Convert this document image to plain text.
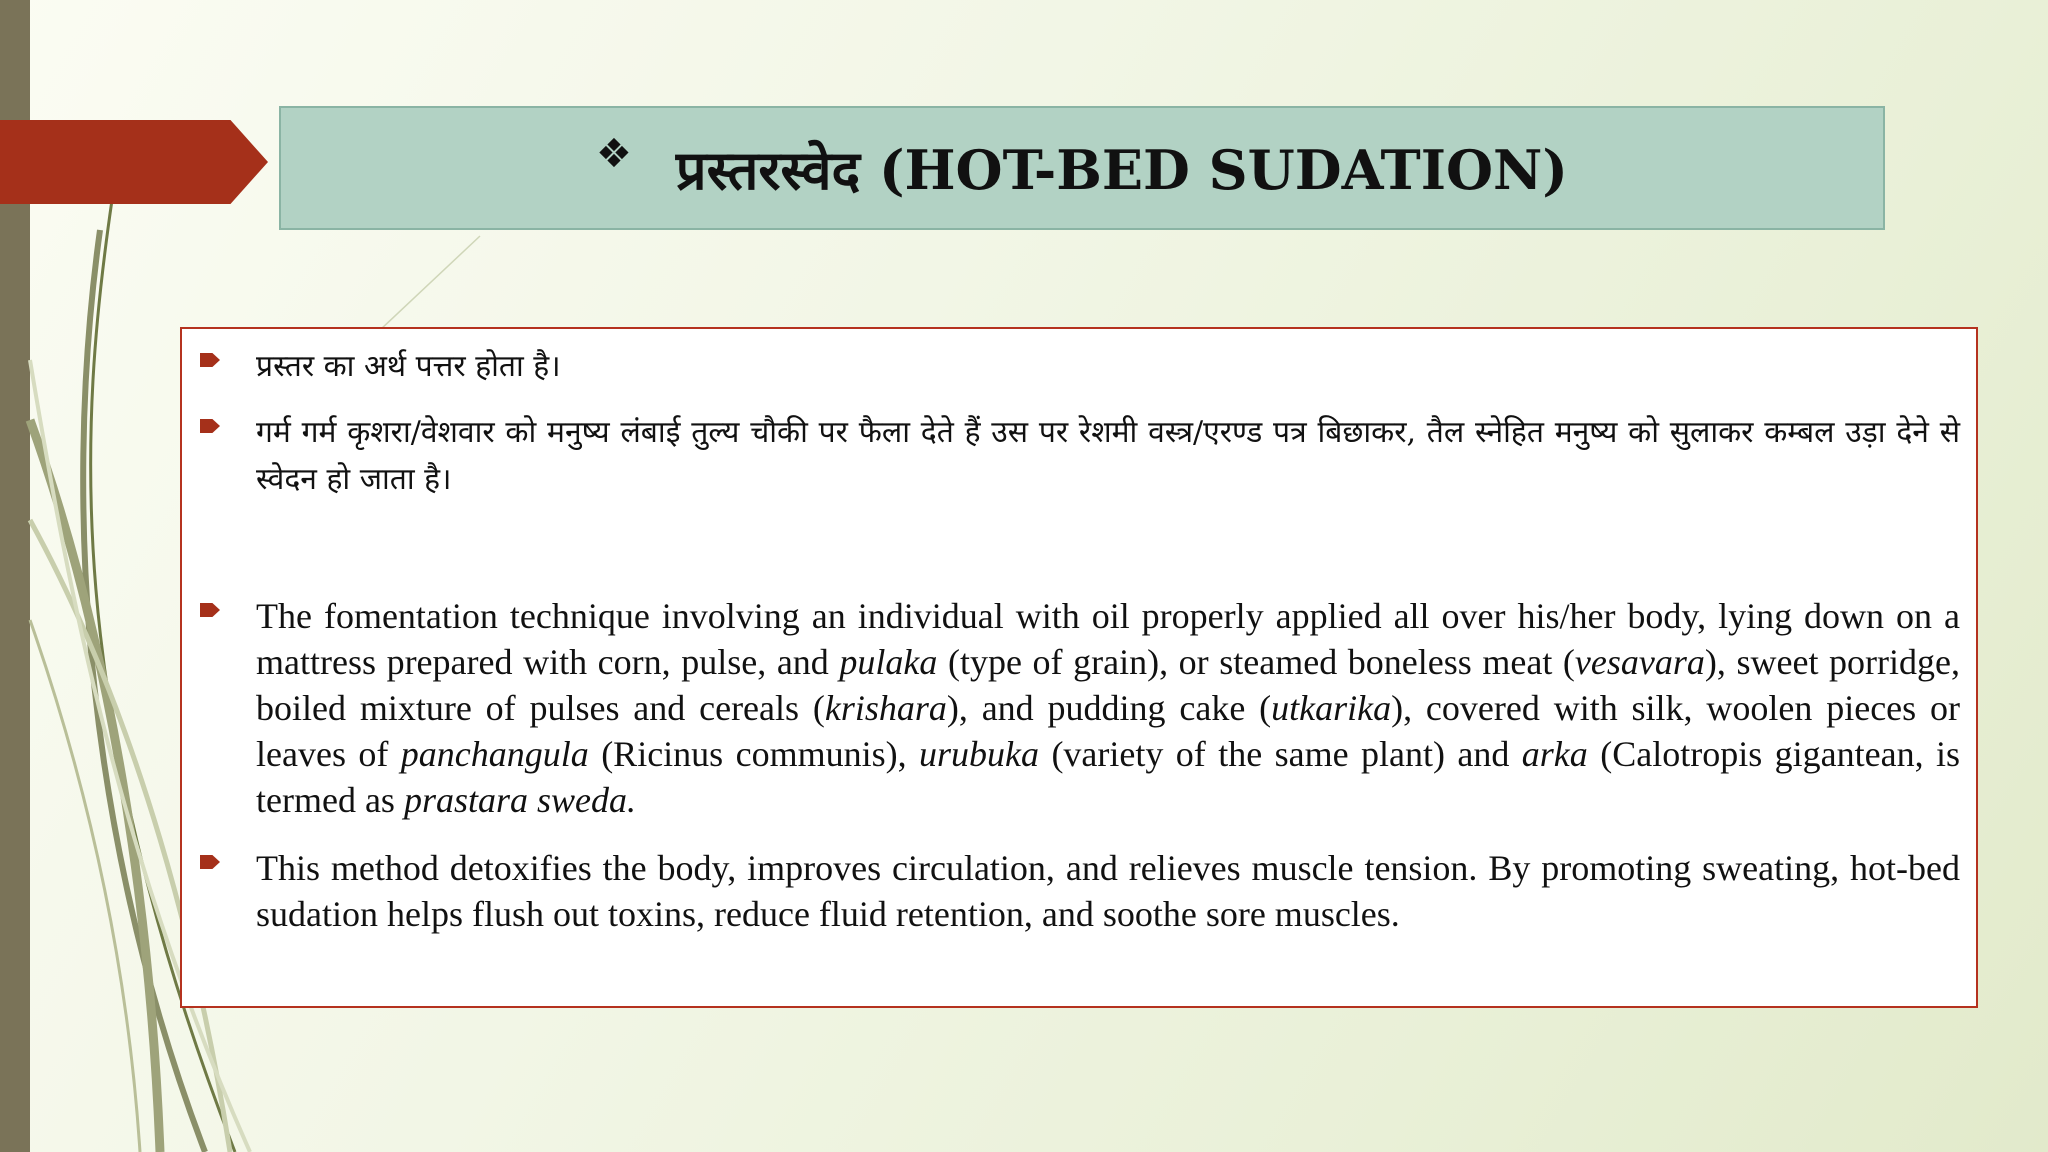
❖ प्रस्तरस्वेद (HOT-BED SUDATION)
प्रस्तर का अर्थ पत्तर होता है।
गर्म गर्म कृशरा/वेशवार को मनुष्य लंबाई तुल्य चौकी पर फैला देते हैं उस पर रेशमी वस्त्र/एरण्ड पत्र बिछाकर, तैल स्नेहित मनुष्य को सुलाकर कम्बल उड़ा देने से स्वेदन हो जाता है।
The fomentation technique involving an individual with oil properly applied all over his/her body, lying down on a mattress prepared with corn, pulse, and pulaka (type of grain), or steamed boneless meat (vesavara), sweet porridge, boiled mixture of pulses and cereals (krishara), and pudding cake (utkarika), covered with silk, woolen pieces or leaves of panchangula (Ricinus communis), urubuka (variety of the same plant) and arka (Calotropis gigantean, is termed as prastara sweda.
This method detoxifies the body, improves circulation, and relieves muscle tension. By promoting sweating, hot-bed sudation helps flush out toxins, reduce fluid retention, and soothe sore muscles.
